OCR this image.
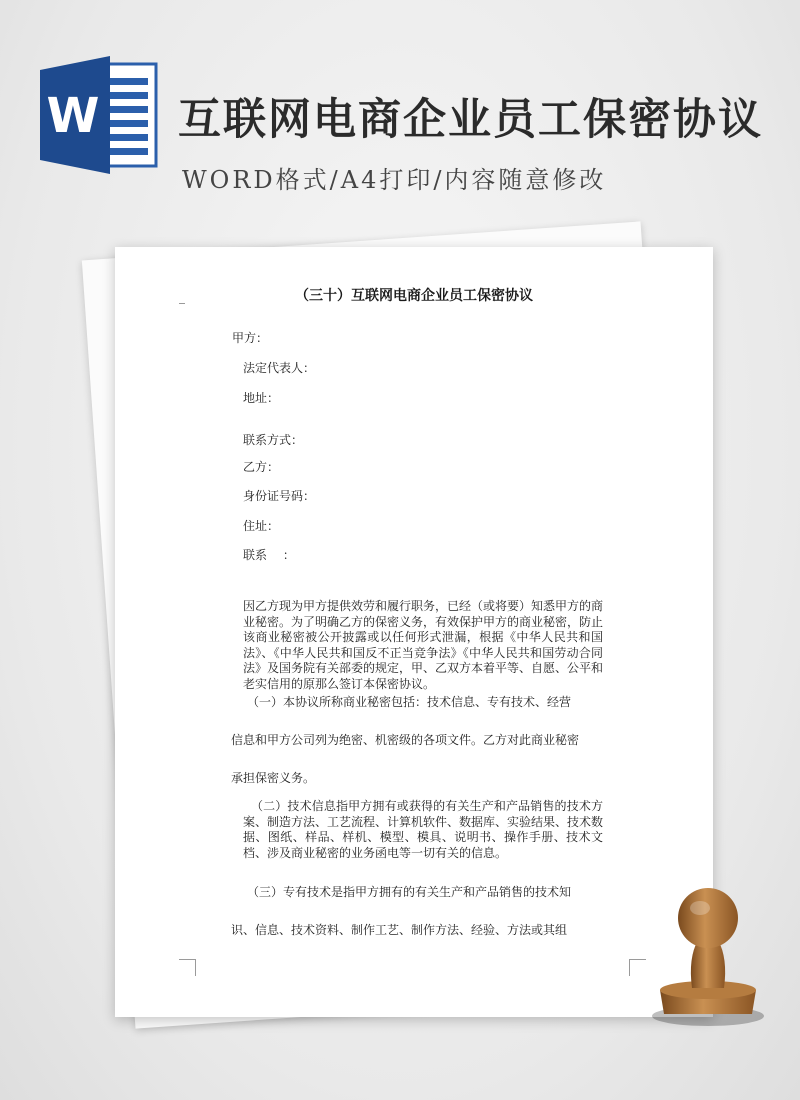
W 互联网电商企业员工保密协议
WORD格式/A4打印/内容随意修改
（三十）互联网电商企业员工保密协议
甲方：
法定代表人：
地址：
联系方式：
乙方：
身份证号码：
住址：
联系　 ：
因乙方现为甲方提供效劳和履行职务，已经（或将要）知悉甲方的商业秘密。为了明确乙方的保密义务，有效保护甲方的商业秘密，防止该商业秘密被公开披露或以任何形式泄漏，根据《中华人民共和国法》、《中华人民共和国反不正当竞争法》《中华人民共和国劳动合同法》及国务院有关部委的规定，甲、乙双方本着平等、自愿、公平和老实信用的原那么签订本保密协议。
（一）本协议所称商业秘密包括：技术信息、专有技术、经营
信息和甲方公司列为绝密、机密级的各项文件。乙方对此商业秘密
承担保密义务。
（二）技术信息指甲方拥有或获得的有关生产和产品销售的技术方案、制造方法、工艺流程、计算机软件、数据库、实验结果、技术数据、图纸、样品、样机、模型、模具、说明书、操作手册、技术文档、涉及商业秘密的业务函电等一切有关的信息。
（三）专有技术是指甲方拥有的有关生产和产品销售的技术知
识、信息、技术资料、制作工艺、制作方法、经验、方法或其组
